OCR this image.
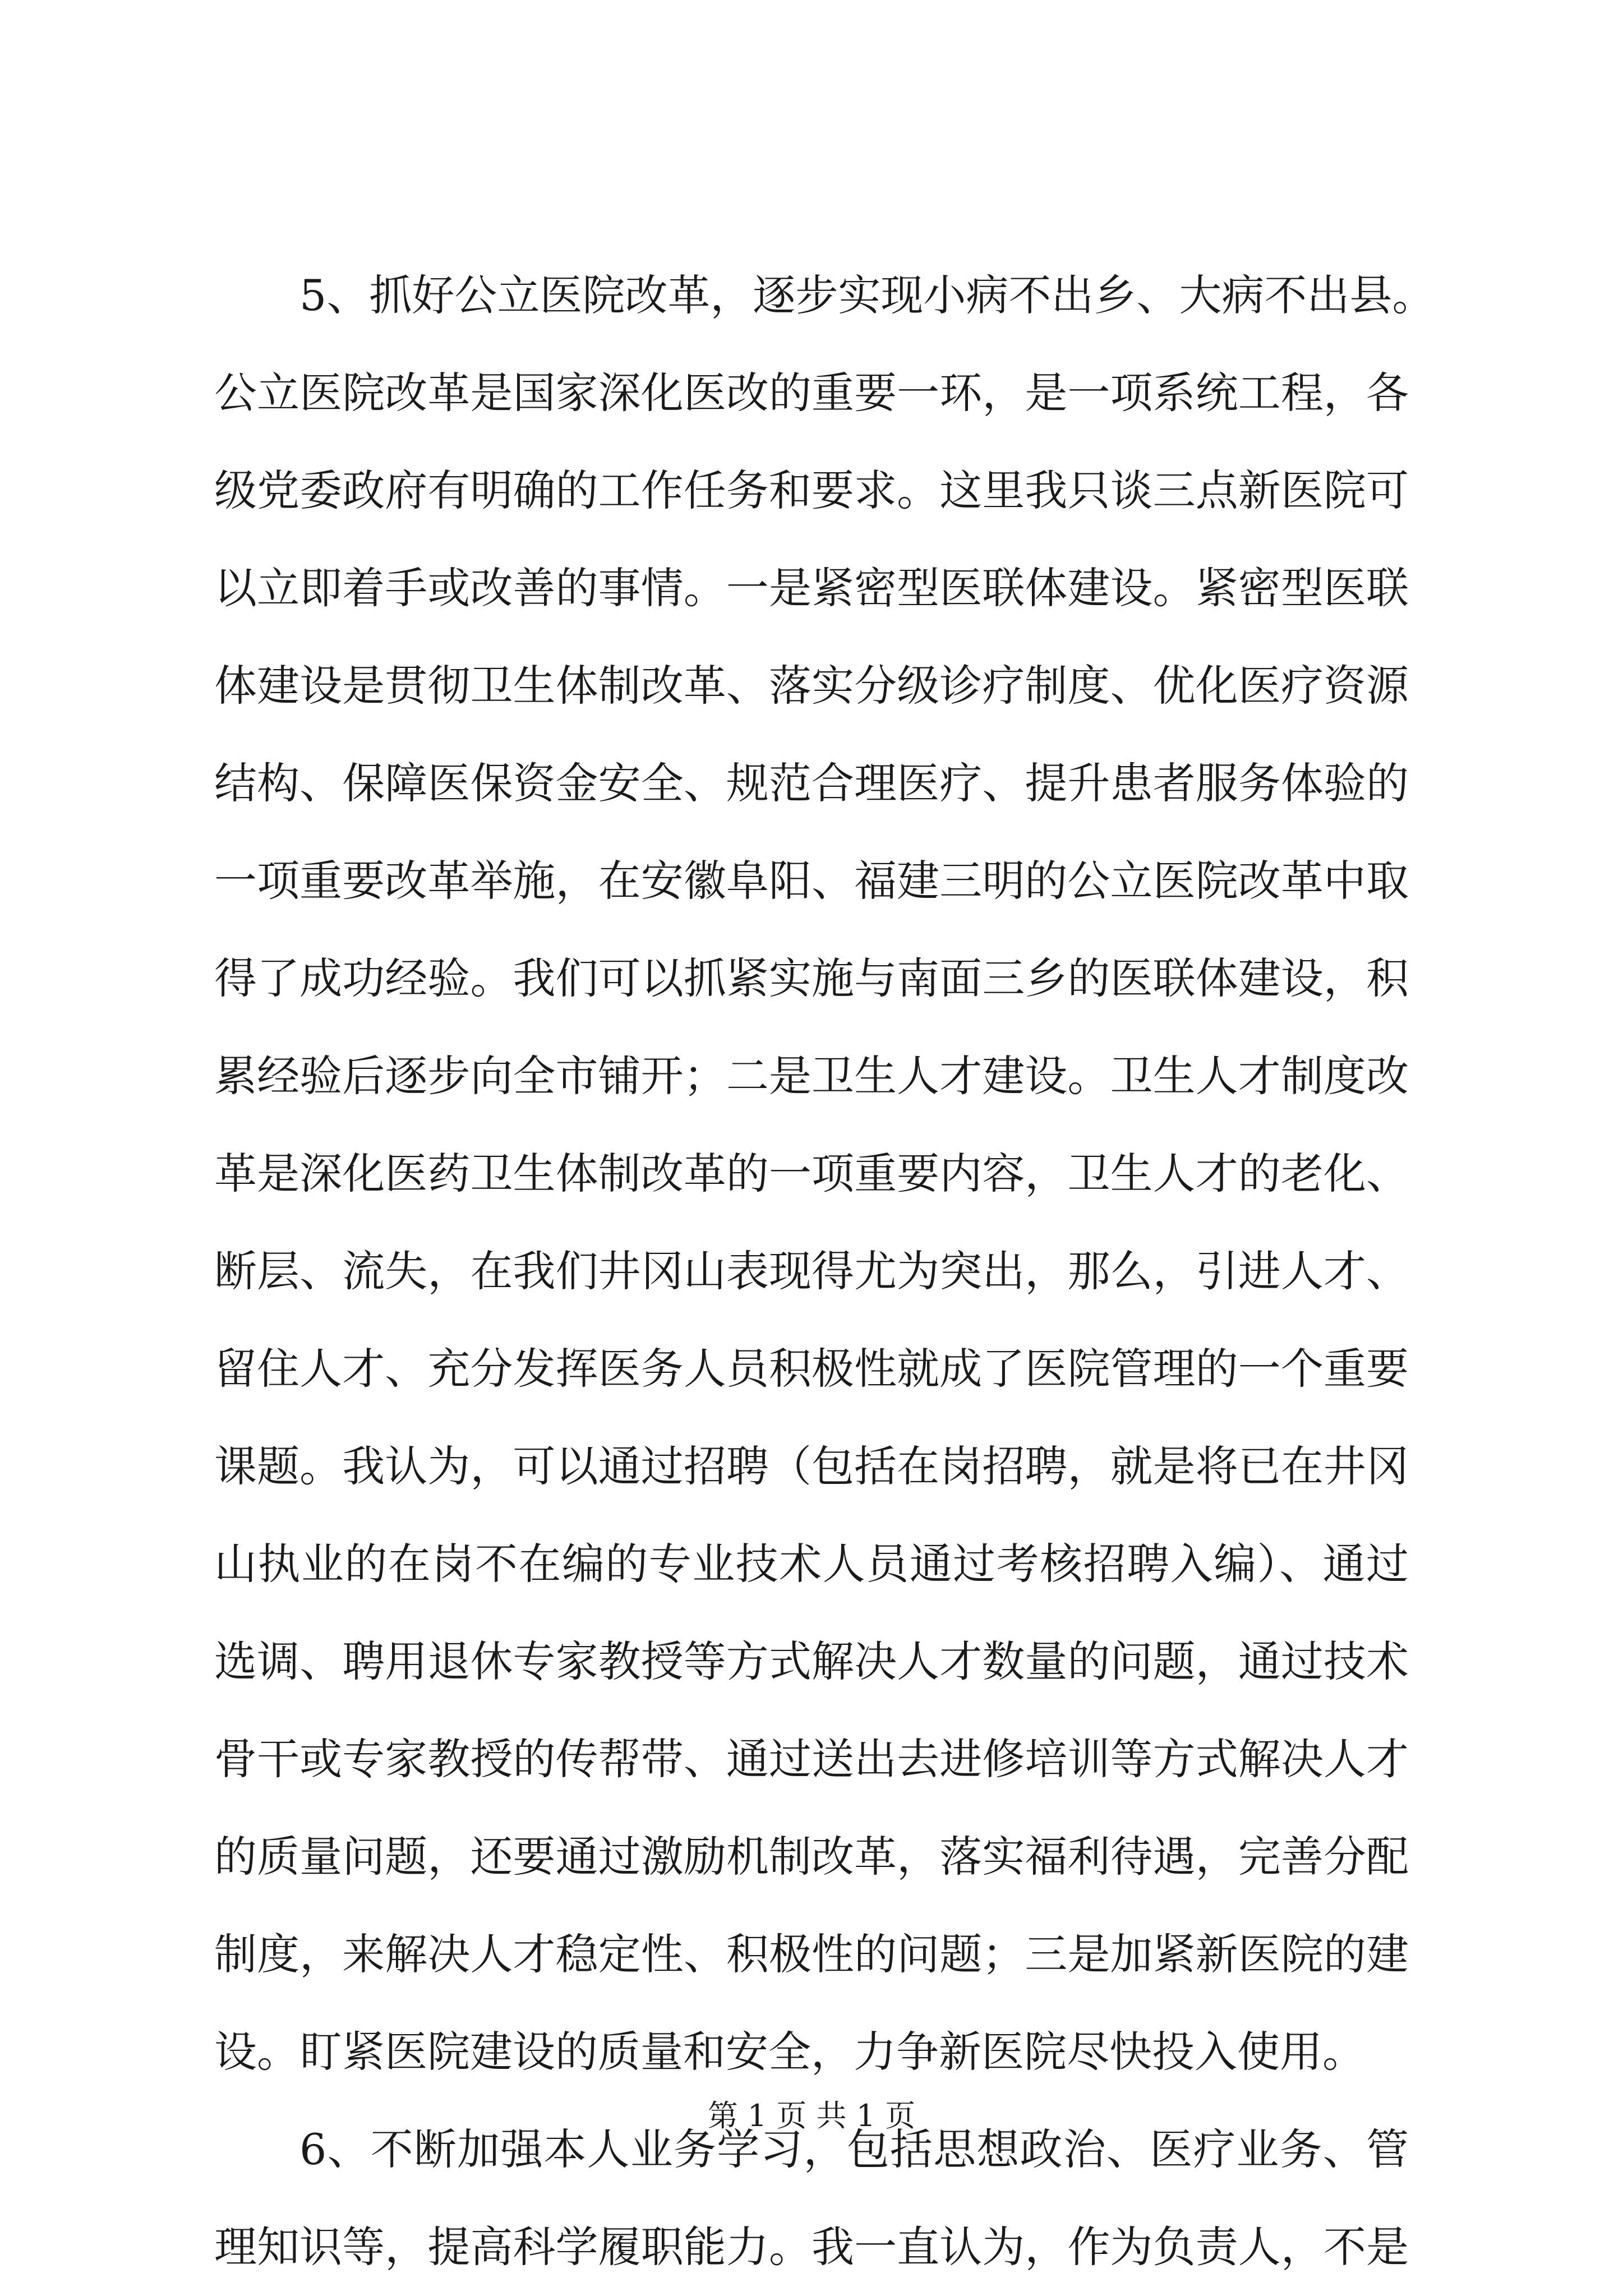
5、抓好公立医院改革，逐步实现小病不出乡、大病不出县。
公立医院改革是国家深化医改的重要一环，是一项系统工程，各
级党委政府有明确的工作任务和要求。这里我只谈三点新医院可
以立即着手或改善的事情。一是紧密型医联体建设。紧密型医联
体建设是贯彻卫生体制改革、落实分级诊疗制度、优化医疗资源
结构、保障医保资金安全、规范合理医疗、提升患者服务体验的
一项重要改革举施，在安徽阜阳、福建三明的公立医院改革中取
得了成功经验。我们可以抓紧实施与南面三乡的医联体建设，积
累经验后逐步向全市铺开；二是卫生人才建设。卫生人才制度改
革是深化医药卫生体制改革的一项重要内容，卫生人才的老化、
断层、流失，在我们井冈山表现得尤为突出，那么，引进人才、
留住人才、充分发挥医务人员积极性就成了医院管理的一个重要
课题。我认为，可以通过招聘（包括在岗招聘，就是将已在井冈
山执业的在岗不在编的专业技术人员通过考核招聘入编）、通过
选调、聘用退休专家教授等方式解决人才数量的问题，通过技术
骨干或专家教授的传帮带、通过送出去进修培训等方式解决人才
的质量问题，还要通过激励机制改革，落实福利待遇，完善分配
制度，来解决人才稳定性、积极性的问题；三是加紧新医院的建
设。盯紧医院建设的质量和安全，力争新医院尽快投入使用。
6、不断加强本人业务学习，包括思想政治、医疗业务、管
理知识等，提高科学履职能力。我一直认为，作为负责人，不是
第 1 页 共 1 页
